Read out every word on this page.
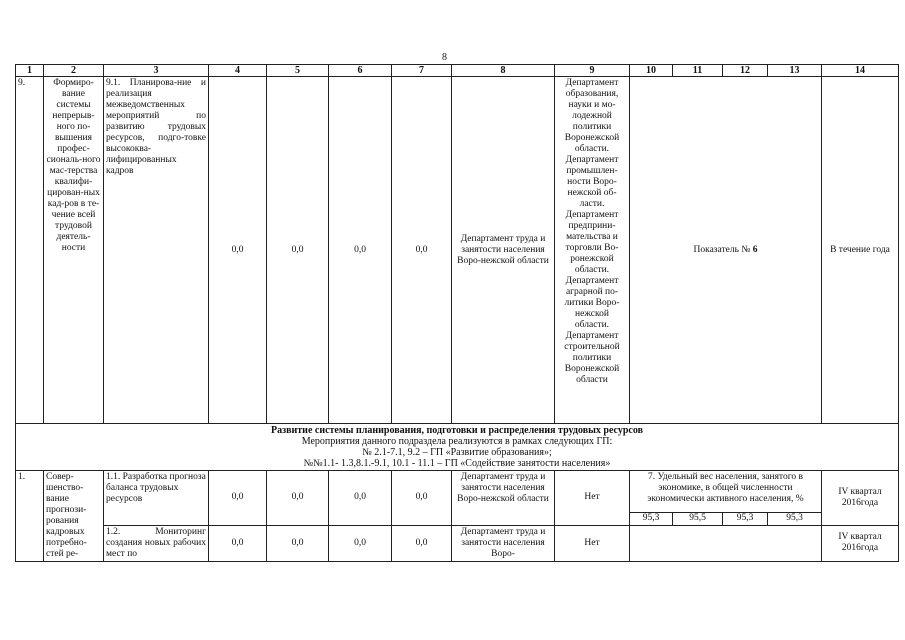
8
1	2	3	4	5	6	7	8	9	10	11	12	13	14
9.	Формиро-вание системы непрерыв-ного по-вышения профес-сиональ-ного мас-терства квалифи-цирован-ных кад-ров в те-чение всей трудовой деятель-ности	9.1. Планирова-ние и реализация межведомственных мероприятий по развитию трудовых ресурсов, подго-товке высококва-лифицированных кадров	0,0	0,0	0,0	0,0	Департамент труда и занятости населения Воро-нежской области	Департамент образования, науки и мо-лодежной политики Воронежской области. Департамент промышлен-ности Воро-нежской об-ласти. Департамент предприни-мательства и торговли Во-ронежской области. Департамент аграрной по-литики Воро-нежской области. Департамент строительной политики Воронежской области	Показатель № 6				В течение года
Развитие системы планирования, подготовки и распределения трудовых ресурсов
Мероприятия данного подраздела реализуются в рамках следующих ГП:
№ 2.1-7.1, 9.2 – ГП «Развитие образования»;
№№1.1- 1.3,8.1.-9.1, 10.1 - 11.1 – ГП «Содействие занятости населения»													
1.	Совер-шенство-вание прогнози-рования кадровых потребно-стей ре-	1.1. Разработка прогноза баланса трудовых ресурсов	0,0	0,0	0,0	0,0	Департамент труда и занятости населения Воро-нежской области	Нет	7. Удельный вес населения, занятого в экономике, в общей численности экономически активного населения, %				IV квартал 2016года
									95,3	95,5	95,3	95,3	
		1.2. Мониторинг создания новых рабочих мест по	0,0	0,0	0,0	0,0	Департамент труда и занятости населения Воро-	Нет					IV квартал 2016года
